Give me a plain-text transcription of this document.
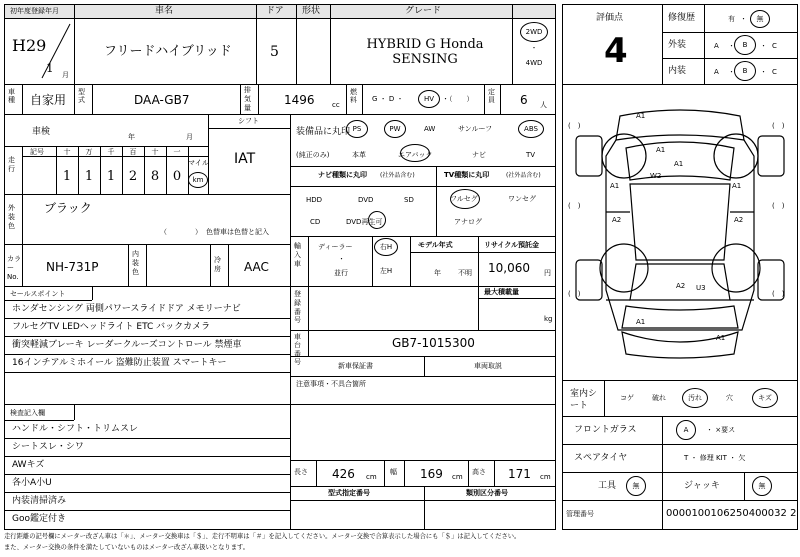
初年度登録年月	車名	ドア 形状	グレード
H29
1 月
フリードハイブリッド	5	HYBRID G Honda
SENSING
2WD
・
4WD
車種 自家用
型式	DAA-GB7
排気量
1496 cc
燃料	G ・ D ・	HV	・（　　）
定員 6 人
車検	年	月
シフト
IAT
走行
記号	十
1
万
1
千
1
百
2
十
8
一
0
マイル
km
外装色
ブラック
（　　　　） 色替車は色替と記入
カラーNo.
NH-731P
内装色
冷房 AAC
装備品に丸印
(純正のみ)
PS	PW	AW	サンルーフ	ABS
本革	エアバック	ナビ	TV
ナビ種類に丸印 (社外品含む)	TV種類に丸印	(社外品含む)
HDD	DVD	SD
CD	DVD再生可
フルセグ	ワンセグ
アナログ
輸入車
ディーラー
・
並行
右H
左H
モデル年式
年 不明
リサイクル預託金
10,060 円
登録番号
最大積載量
kg
車台番号
GB7-1015300
新車保証書	車両取説
注意事項・不具合箇所
セールスポイント
ホンダセンシング 両側パワースライドドア メモリーナビ
フルセグTV LEDヘッドライト ETC バックカメラ
衝突軽減ブレーキ レーダークルーズコントロール 禁煙車
16インチアルミホイール 盗難防止装置 スマートキー
検査記入欄
ハンドル・シフト・トリムスレ
シートスレ・シワ
AWキズ
各小A小U
内装清掃済み
Goo鑑定付き
長さ 426 cm
幅 169 cm
高さ 171 cm
型式指定番号	類別区分番号
評価点
4
修復歴	有 ・	無
外装	A ・	B	・ C
内装	A ・	B	・ C
(　)	(　)
(　)	(　)
(　)	(　)
A1
A1
A1	A1
A2	A2
A1
A2
A1
U3
W2
A1
室内シート
コゲ	破れ	汚れ	穴	キズ
フロントガラス	A	・ ×要ス
スペアタイヤ	T ・ 修理 KIT ・ 欠
工具	無	ジャッキ	無
管理番号	0000100106250400032 2
走行距離の記号欄にメーター改ざん車は「＊」、メーター交換車は「＄」、走行不明車は「＃」を記入してください。メーター交換で合算表示した場合にも「＄」は記入してください。
また、メーター交換の条件を満たしていないものはメーター改ざん車扱いとなります。
